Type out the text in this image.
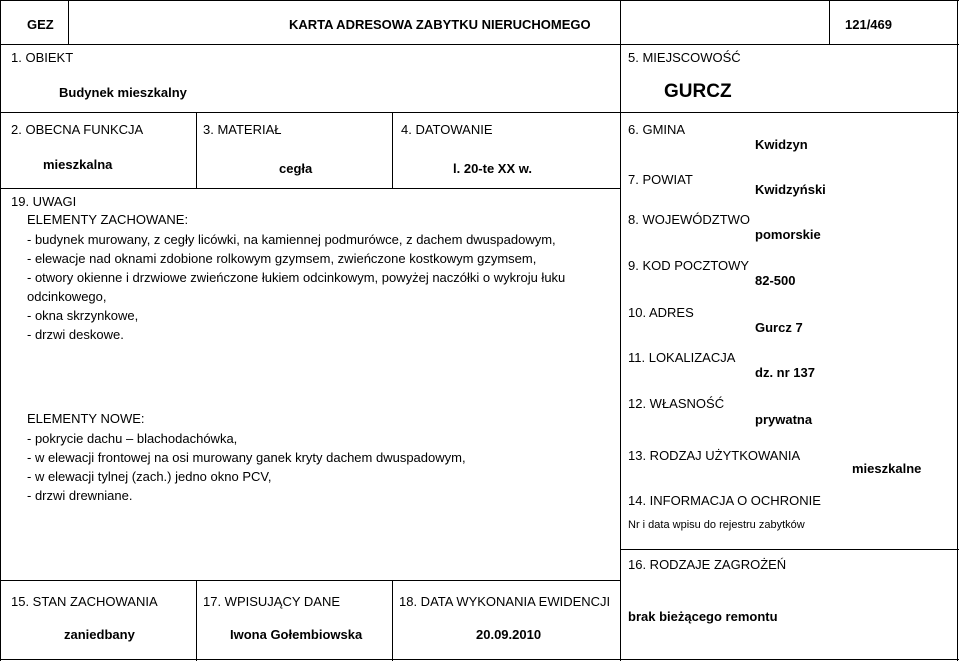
GEZ	KARTA ADRESOWA ZABYTKU NIERUCHOMEGO	121/469
1. OBIEKT
Budynek mieszkalny
5. MIEJSCOWOŚĆ
GURCZ
2. OBECNA FUNKCJA
mieszkalna
3. MATERIAŁ
cegła
4. DATOWANIE
l. 20-te XX w.
6. GMINA
Kwidzyn
7. POWIAT
Kwidzyński
8. WOJEWÓDZTWO
pomorskie
9. KOD POCZTOWY
82-500
10. ADRES
Gurcz 7
11. LOKALIZACJA
dz. nr 137
12. WŁASNOŚĆ
prywatna
13. RODZAJ UŻYTKOWANIA
mieszkalne
14. INFORMACJA O OCHRONIE
Nr i data wpisu do rejestru zabytków
16. RODZAJE ZAGROŻEŃ
brak bieżącego remontu
19. UWAGI
ELEMENTY ZACHOWANE:
- budynek murowany, z cegły licówki, na kamiennej podmurówce, z dachem dwuspadowym,
- elewacje nad oknami zdobione rolkowym gzymsem, zwieńczone kostkowym gzymsem,
- otwory okienne i drzwiowe zwieńczone łukiem odcinkowym, powyżej naczółki o wykroju łuku
odcinkowego,
- okna skrzynkowe,
- drzwi deskowe.
ELEMENTY NOWE:
- pokrycie dachu – blachodachówka,
- w elewacji frontowej na osi murowany ganek kryty dachem dwuspadowym,
- w elewacji tylnej (zach.) jedno okno PCV,
- drzwi drewniane.
15. STAN ZACHOWANIA
zaniedbany
17. WPISUJĄCY DANE
Iwona Gołembiowska
18. DATA WYKONANIA EWIDENCJI
20.09.2010
